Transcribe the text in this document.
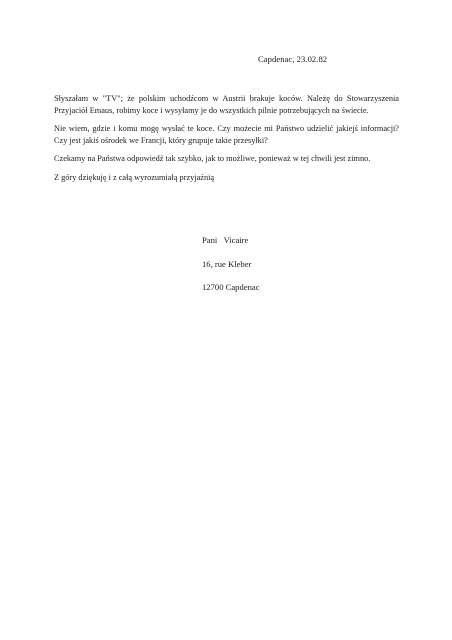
Capdenac, 23.02.82

Słyszałam w "TV"; że polskim uchodźcom w Austrii brakuje koców. Należę do Stowarzyszenia Przyjaciół Emaus, robimy koce i wysyłamy je do wszystkich pilnie potrzebujących na świecie.

Nie wiem, gdzie i komu mogę wysłać te koce. Czy możecie mi Państwo udzielić jakiejś informacji? Czy jest jakiś ośrodek we Francji, który grupuje takie przesyłki?

Czekamy na Państwa odpowiedź tak szybko, jak to możliwe, ponieważ w tej chwili jest zimno.

Z góry dziękuję i z całą wyrozumiałą przyjaźnią

Pani   Vicaire
16, rue Kleber
12700 Capdenac
